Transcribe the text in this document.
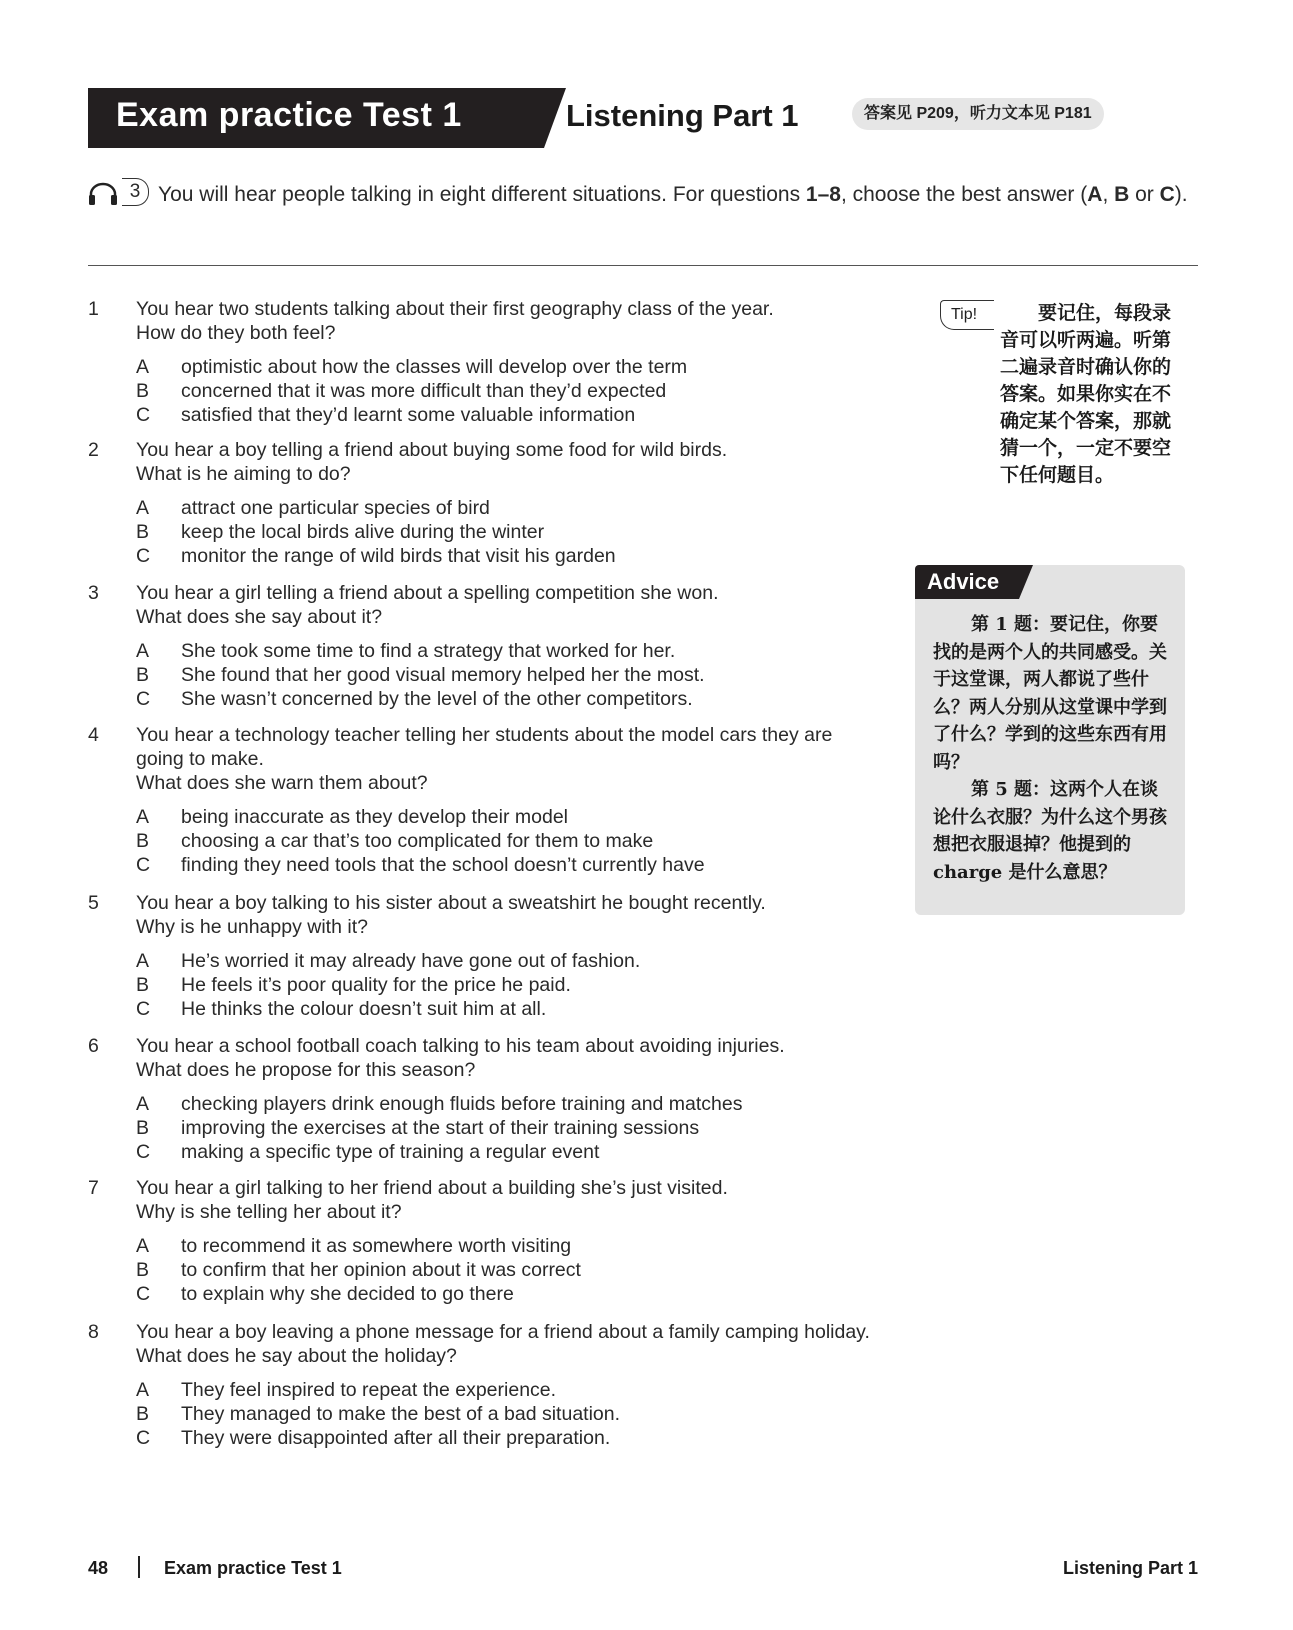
Exam practice Test 1	Listening Part 1	答案见 P209，听力文本见 P181
3 You will hear people talking in eight different situations. For questions 1–8, choose the best answer (A, B or C).
1	You hear two students talking about their first geography class of the year.
How do they both feel?
A	optimistic about how the classes will develop over the term
B	concerned that it was more difficult than they’d expected
C	satisfied that they’d learnt some valuable information
2	You hear a boy telling a friend about buying some food for wild birds.
What is he aiming to do?
A	attract one particular species of bird
B	keep the local birds alive during the winter
C	monitor the range of wild birds that visit his garden
3	You hear a girl telling a friend about a spelling competition she won.
What does she say about it?
A	She took some time to find a strategy that worked for her.
B	She found that her good visual memory helped her the most.
C	She wasn’t concerned by the level of the other competitors.
4	You hear a technology teacher telling her students about the model cars they are
going to make.
What does she warn them about?
A	being inaccurate as they develop their model
B	choosing a car that’s too complicated for them to make
C	finding they need tools that the school doesn’t currently have
5	You hear a boy talking to his sister about a sweatshirt he bought recently.
Why is he unhappy with it?
A	He’s worried it may already have gone out of fashion.
B	He feels it’s poor quality for the price he paid.
C	He thinks the colour doesn’t suit him at all.
6	You hear a school football coach talking to his team about avoiding injuries.
What does he propose for this season?
A	checking players drink enough fluids before training and matches
B	improving the exercises at the start of their training sessions
C	making a specific type of training a regular event
7	You hear a girl talking to her friend about a building she’s just visited.
Why is she telling her about it?
A	to recommend it as somewhere worth visiting
B	to confirm that her opinion about it was correct
C	to explain why she decided to go there
8	You hear a boy leaving a phone message for a friend about a family camping holiday.
What does he say about the holiday?
A	They feel inspired to repeat the experience.
B	They managed to make the best of a bad situation.
C	They were disappointed after all their preparation.
Tip!	要记住，每段录音可以听两遍。听第二遍录音时确认你的答案。如果你实在不确定某个答案，那就猜一个，一定不要空下任何题目。
Advice

第 1 题：要记住，你要找的是两个人的共同感受。关于这堂课，两人都说了些什么？两人分别从这堂课中学到了什么？学到的这些东西有用吗？

第 5 题：这两个人在谈论什么衣服？为什么这个男孩想把衣服退掉？他提到的 charge 是什么意思？

48	Exam practice Test 1	Listening Part 1
